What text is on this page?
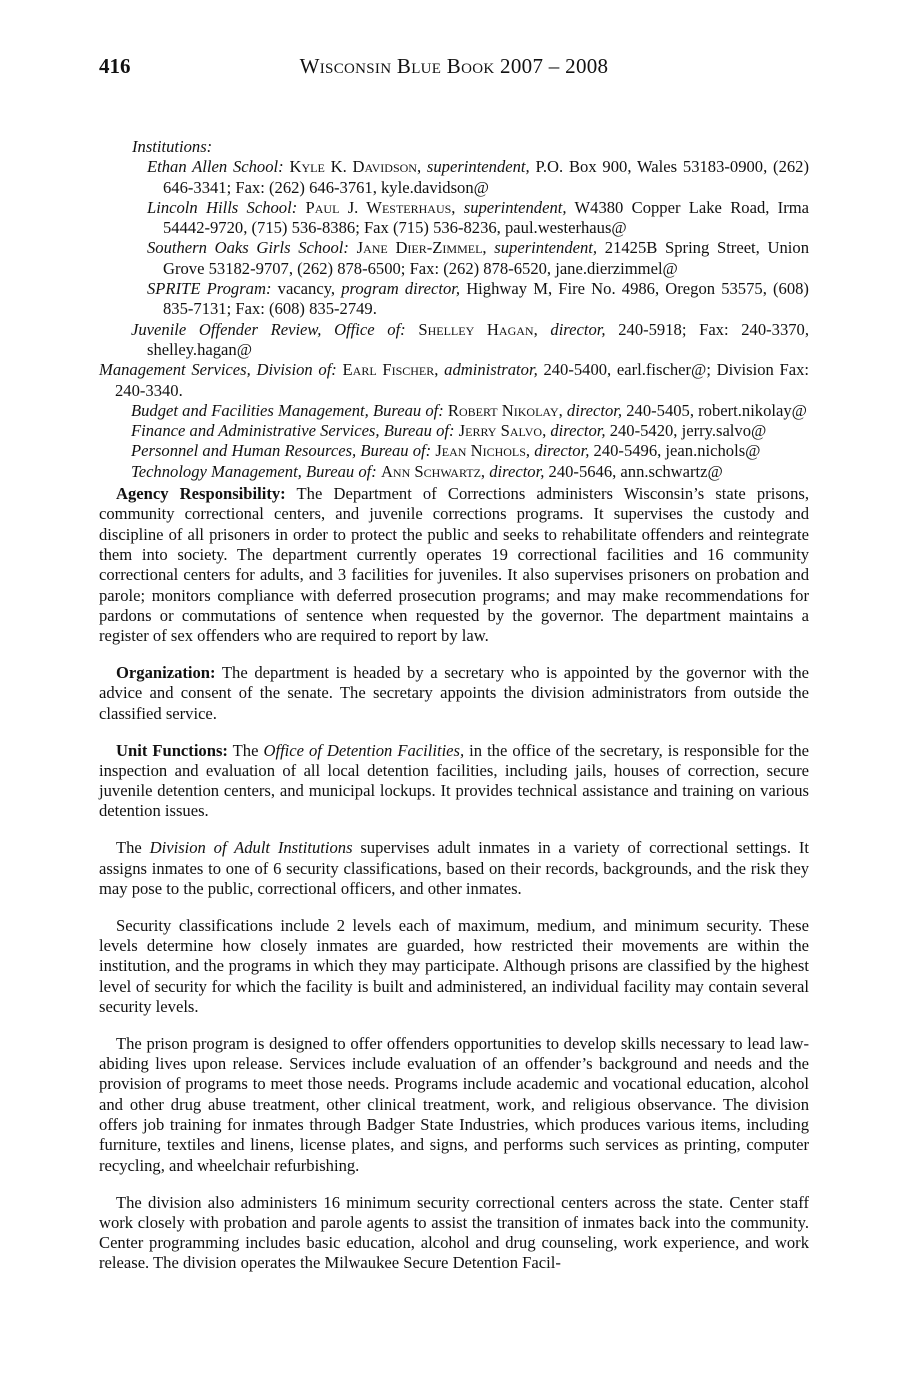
416	Wisconsin Blue Book 2007 – 2008
Institutions:
Ethan Allen School: Kyle K. Davidson, superintendent, P.O. Box 900, Wales 53183-0900, (262) 646-3341; Fax: (262) 646-3761, kyle.davidson@
Lincoln Hills School: Paul J. Westerhaus, superintendent, W4380 Copper Lake Road, Irma 54442-9720, (715) 536-8386; Fax (715) 536-8236, paul.westerhaus@
Southern Oaks Girls School: Jane Dier-Zimmel, superintendent, 21425B Spring Street, Union Grove 53182-9707, (262) 878-6500; Fax: (262) 878-6520, jane.dierzimmel@
SPRITE Program: vacancy, program director, Highway M, Fire No. 4986, Oregon 53575, (608) 835-7131; Fax: (608) 835-2749.
Juvenile Offender Review, Office of: Shelley Hagan, director, 240-5918; Fax: 240-3370, shelley.hagan@
Management Services, Division of: Earl Fischer, administrator, 240-5400, earl.fischer@; Division Fax: 240-3340.
Budget and Facilities Management, Bureau of: Robert Nikolay, director, 240-5405, robert.nikolay@
Finance and Administrative Services, Bureau of: Jerry Salvo, director, 240-5420, jerry.salvo@
Personnel and Human Resources, Bureau of: Jean Nichols, director, 240-5496, jean.nichols@
Technology Management, Bureau of: Ann Schwartz, director, 240-5646, ann.schwartz@

Agency Responsibility: The Department of Corrections administers Wisconsin’s state prisons, community correctional centers, and juvenile corrections programs. It supervises the custody and discipline of all prisoners in order to protect the public and seeks to rehabilitate offenders and reintegrate them into society. The department currently operates 19 correctional facilities and 16 community correctional centers for adults, and 3 facilities for juveniles. It also supervises prisoners on probation and parole; monitors compliance with deferred prosecution programs; and may make recommendations for pardons or commutations of sentence when requested by the governor. The department maintains a register of sex offenders who are required to report by law.

Organization: The department is headed by a secretary who is appointed by the governor with the advice and consent of the senate. The secretary appoints the division administrators from outside the classified service.

Unit Functions: The Office of Detention Facilities, in the office of the secretary, is responsible for the inspection and evaluation of all local detention facilities, including jails, houses of correction, secure juvenile detention centers, and municipal lockups. It provides technical assistance and training on various detention issues.

The Division of Adult Institutions supervises adult inmates in a variety of correctional settings. It assigns inmates to one of 6 security classifications, based on their records, backgrounds, and the risk they may pose to the public, correctional officers, and other inmates.

Security classifications include 2 levels each of maximum, medium, and minimum security. These levels determine how closely inmates are guarded, how restricted their movements are within the institution, and the programs in which they may participate. Although prisons are classified by the highest level of security for which the facility is built and administered, an individual facility may contain several security levels.

The prison program is designed to offer offenders opportunities to develop skills necessary to lead law-abiding lives upon release. Services include evaluation of an offender’s background and needs and the provision of programs to meet those needs. Programs include academic and vocational education, alcohol and other drug abuse treatment, other clinical treatment, work, and religious observance. The division offers job training for inmates through Badger State Industries, which produces various items, including furniture, textiles and linens, license plates, and signs, and performs such services as printing, computer recycling, and wheelchair refurbishing.

The division also administers 16 minimum security correctional centers across the state. Center staff work closely with probation and parole agents to assist the transition of inmates back into the community. Center programming includes basic education, alcohol and drug counseling, work experience, and work release. The division operates the Milwaukee Secure Detention Facil-
